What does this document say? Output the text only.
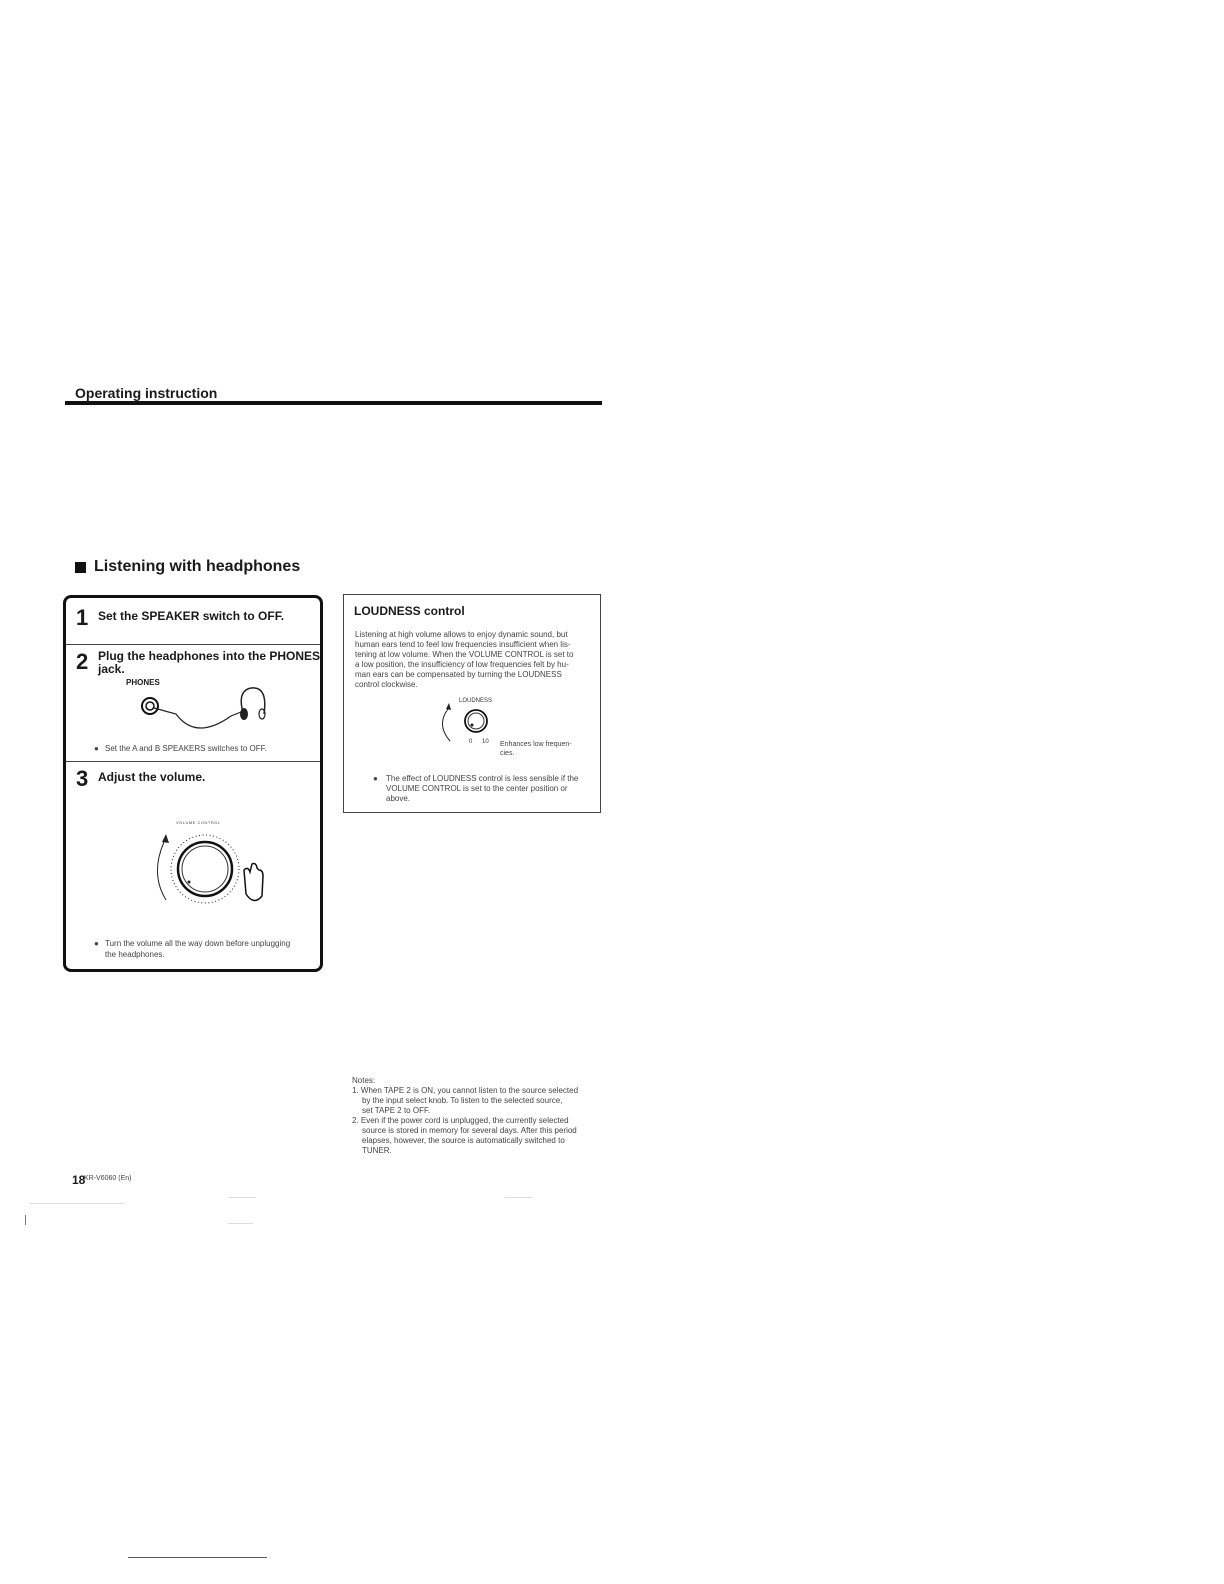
Operating instruction
Listening with headphones
1 Set the SPEAKER switch to OFF.
2 Plug the headphones into the PHONES
jack.
PHONES
● Set the A and B SPEAKERS switches to OFF.
3 Adjust the volume.
VOLUME CONTROL
● Turn the volume all the way down before unplugging
the headphones.
LOUDNESS control
Listening at high volume allows to enjoy dynamic sound, but
human ears tend to feel low frequencies insufficient when lis-
tening at low volume. When the VOLUME CONTROL is set to
a low position, the insufficiency of low frequencies felt by hu-
man ears can be compensated by turning the LOUDNESS
control clockwise.
LOUDNESS
0 10 Enhances low frequen-
cies.
● The effect of LOUDNESS control is less sensible if the
VOLUME CONTROL is set to the center position or
above.
Notes:
1. When TAPE 2 is ON, you cannot listen to the source selected
by the input select knob. To listen to the selected source,
set TAPE 2 to OFF.
2. Even if the power cord is unplugged, the currently selected
source is stored in memory for several days. After this period
elapses, however, the source is automatically switched to
TUNER.
18
KR-V6060 (En)
